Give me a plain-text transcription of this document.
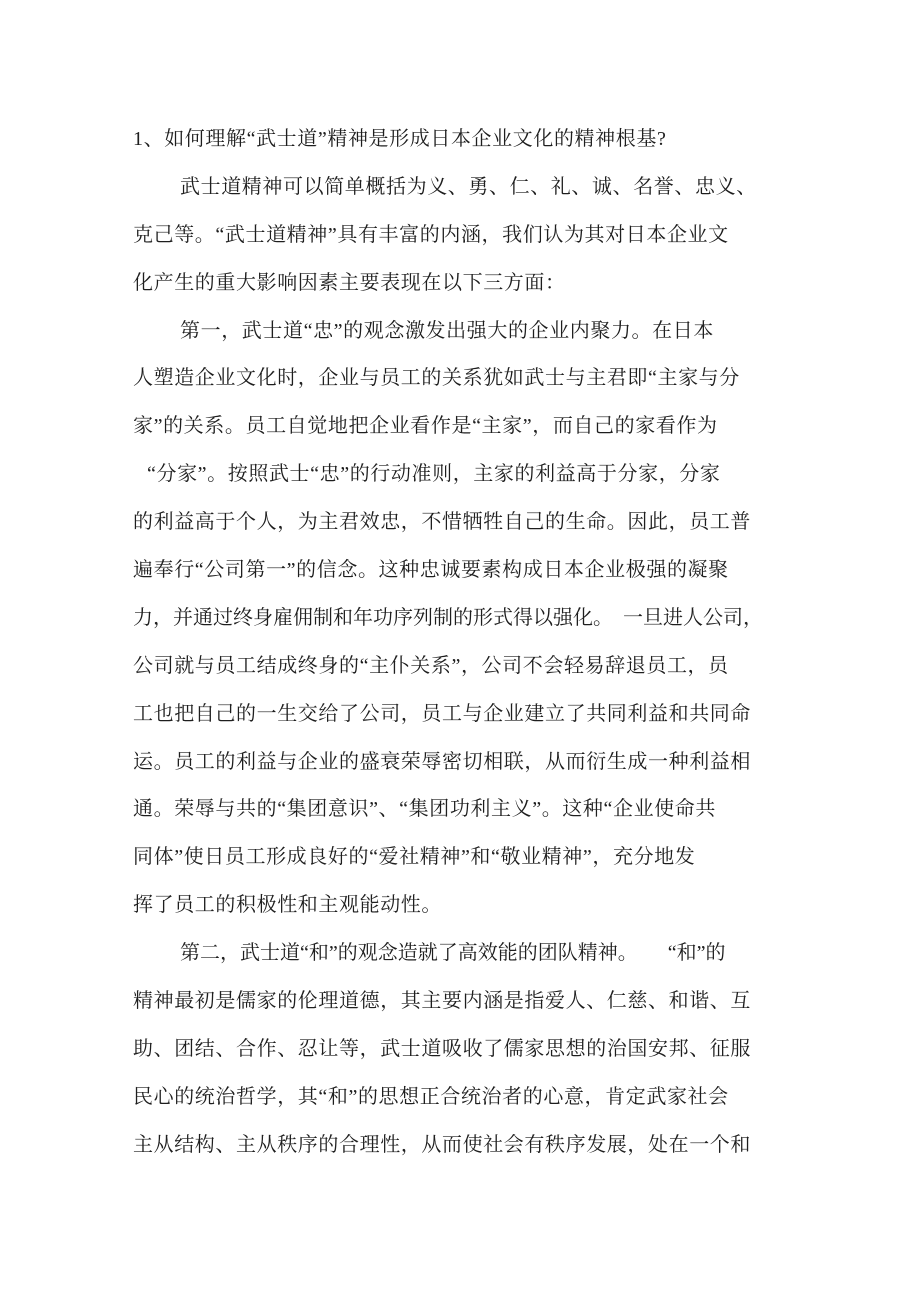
1、如何理解“武士道”精神是形成日本企业文化的精神根基?
武士道精神可以简单概括为义、勇、仁、礼、诚、名誉、忠义、
克己等。“武士道精神”具有丰富的内涵，我们认为其对日本企业文
化产生的重大影响因素主要表现在以下三方面：
第一，武士道“忠”的观念激发出强大的企业内聚力。在日本
人塑造企业文化时，企业与员工的关系犹如武士与主君即“主家与分
家”的关系。员工自觉地把企业看作是“主家”，而自己的家看作为
“分家”。按照武士“忠”的行动准则，主家的利益高于分家，分家
的利益高于个人，为主君效忠，不惜牺牲自己的生命。因此，员工普
遍奉行“公司第一”的信念。这种忠诚要素构成日本企业极强的凝聚
力，并通过终身雇佣制和年功序列制的形式得以强化。　一旦进人公司，
公司就与员工结成终身的“主仆关系”，公司不会轻易辞退员工，员
工也把自己的一生交给了公司，员工与企业建立了共同利益和共同命
运。员工的利益与企业的盛衰荣辱密切相联，从而衍生成一种利益相
通。荣辱与共的“集团意识”、“集团功利主义”。这种“企业使命共
同体”使日员工形成良好的“爱社精神”和“敬业精神”，充分地发
挥了员工的积极性和主观能动性。
第二，武士道“和”的观念造就了高效能的团队精神。　　“和”的
精神最初是儒家的伦理道德，其主要内涵是指爱人、仁慈、和谐、互
助、团结、合作、忍让等，武士道吸收了儒家思想的治国安邦、征服
民心的统治哲学，其“和”的思想正合统治者的心意，肯定武家社会
主从结构、主从秩序的合理性，从而使社会有秩序发展，处在一个和
